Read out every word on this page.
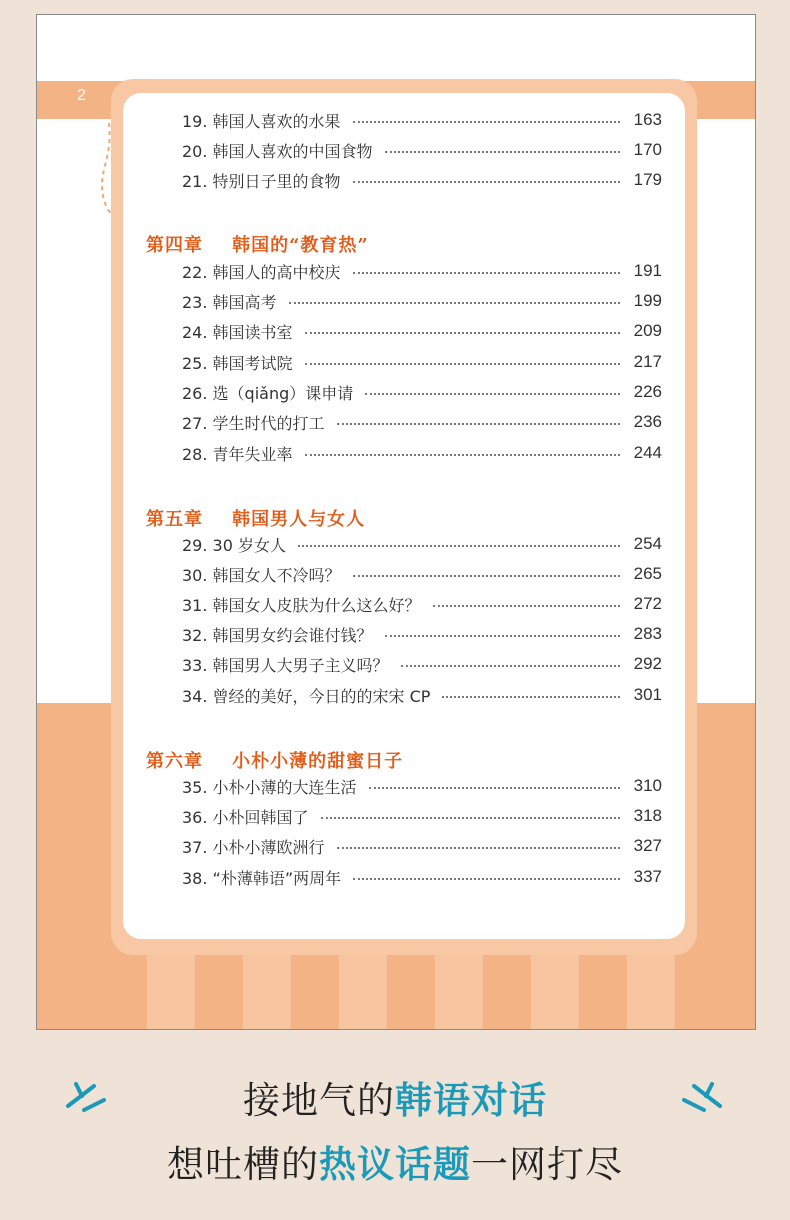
2
19. 韩国人喜欢的水果	163
20. 韩国人喜欢的中国食物	170
21. 特别日子里的食物	179
第四章    韩国的“教育热”
22. 韩国人的高中校庆	191
23. 韩国高考	199
24. 韩国读书室	209
25. 韩国考试院	217
26. 选（qiǎng）课申请	226
27. 学生时代的打工	236
28. 青年失业率	244
第五章    韩国男人与女人
29. 30 岁女人	254
30. 韩国女人不冷吗？	265
31. 韩国女人皮肤为什么这么好？	272
32. 韩国男女约会谁付钱？	283
33. 韩国男人大男子主义吗？	292
34. 曾经的美好，今日的的宋宋 CP	301
第六章    小朴小薄的甜蜜日子
35. 小朴小薄的大连生活	310
36. 小朴回韩国了	318
37. 小朴小薄欧洲行	327
38. “朴薄韩语”两周年	337
接地气的韩语对话
想吐槽的热议话题一网打尽
